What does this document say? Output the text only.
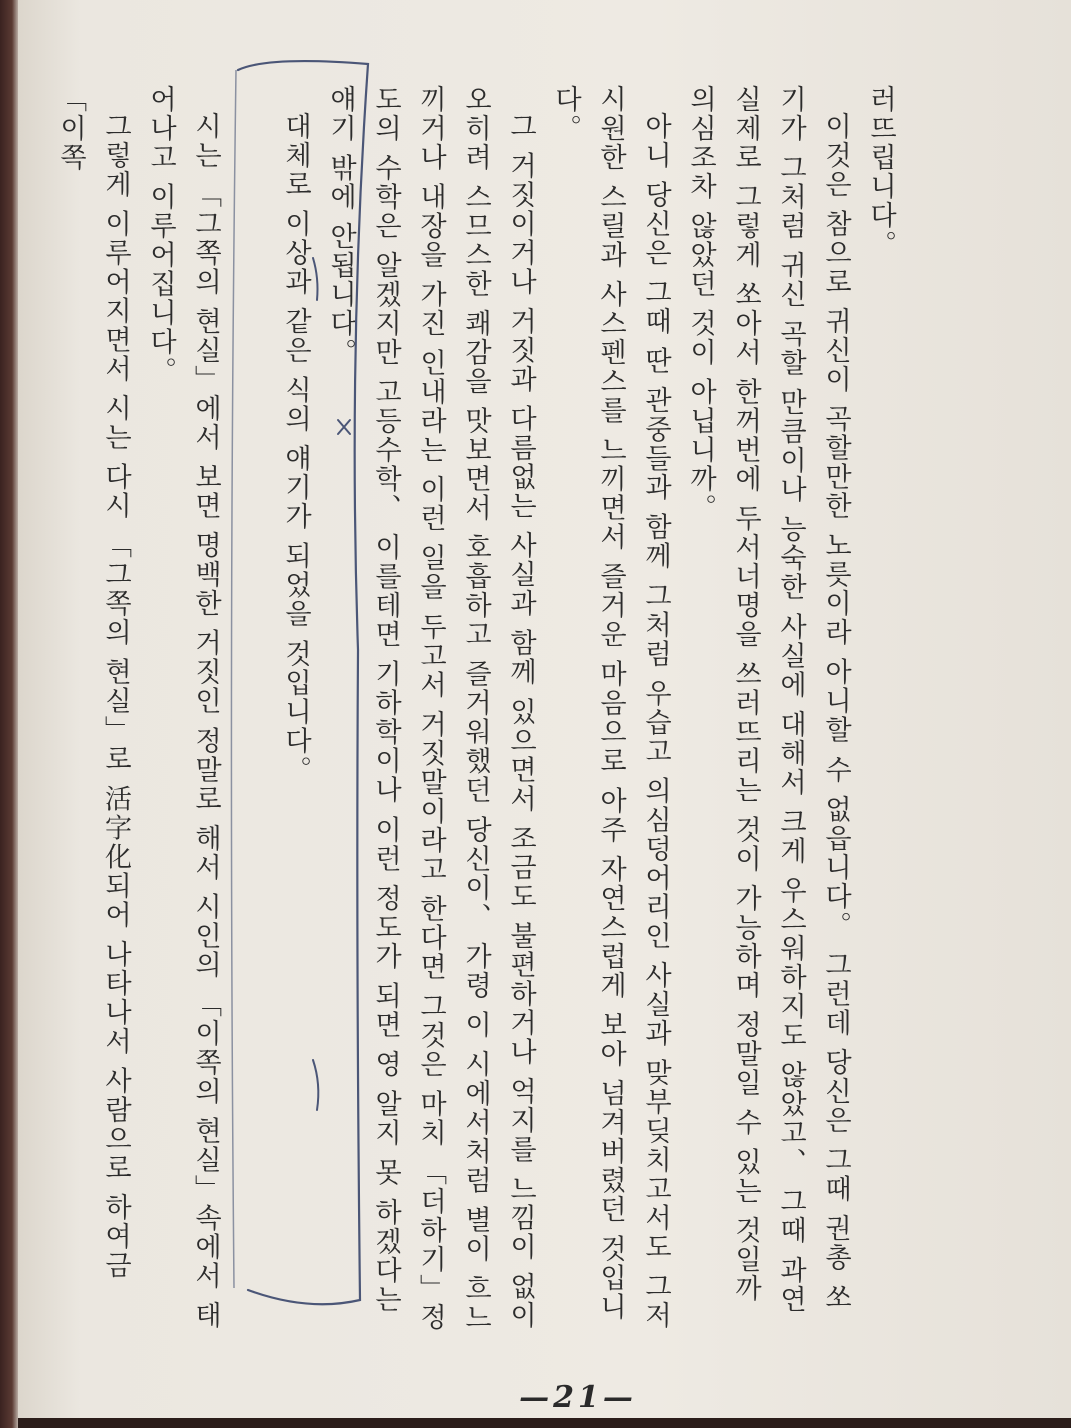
러뜨립니다。

이것은 참으로 귀신이 곡할만한 노릇이라 아니할 수 없읍니다。 그런데 당신은 그때 권총 쏘기가 그처럼 귀신 곡할 만큼이나 능숙한 사실에 대해서 크게 우스워하지도 않았고、 그때 과연 실제로 그렇게 쏘아서 한꺼번에 두서너명을 쓰러뜨리는 것이 가능하며 정말일 수 있는 것일까 의심조차 않았던 것이 아닙니까。

아니 당신은 그때 딴 관중들과 함께 그처럼 우습고 의심덩어리인 사실과 맞부딪치고서도 그저 시원한 스릴과 사스펜스를 느끼면서 즐거운 마음으로 아주 자연스럽게 보아 넘겨버렸던 것입니다。

그 거짓이거나 거짓과 다름없는 사실과 함께 있으면서 조금도 불편하거나 억지를 느낌이 없이 오히려 스므스한 쾌감을 맛보면서 호흡하고 즐거워했던 당신이、 가령 이 시에서처럼 별이 흐느끼거나 내장을 가진 인내라는 이런 일을 두고서 거짓말이라고 한다면 그것은 마치 「더하기」정도의 수학은 알겠지만 고등수학、 이를테면 기하학이나 이런 정도가 되면 영 알지 못 하겠다는 얘기 밖에 안됩니다。

대체로 이상과 같은 식의 얘기가 되었을 것입니다。

시는 「그쪽의 현실」에서 보면 명백한 거짓인 정말로 해서 시인의 「이쪽의 현실」속에서 태어나고 이루어집니다。

그렇게 이루어지면서 시는 다시 「그쪽의 현실」로 活字化되어 나타나서 사람으로 하여금 「이쪽

—21—
